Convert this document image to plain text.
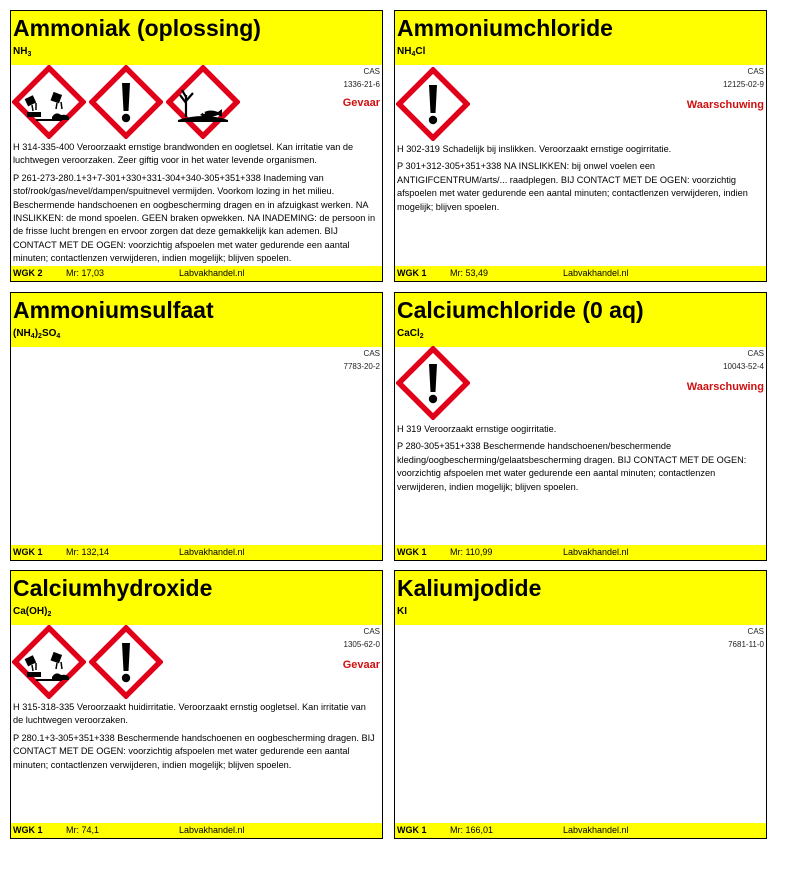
Ammoniak (oplossing)
$NH_3$
CAS
1336-21-6
Gevaar

H 314-335-400 Veroorzaakt ernstige brandwonden en oogletsel. Kan irritatie van de luchtwegen veroorzaken. Zeer giftig voor in het water levende organismen.

P 261-273-280.1+3+7-301+330+331-304+340-305+351+338 Inademing van stof/rook/gas/nevel/dampen/spuitnevel vermijden. Voorkom lozing in het milieu. Beschermende handschoenen en oogbescherming dragen en in afzuigkast werken. NA INSLIKKEN: de mond spoelen. GEEN braken opwekken. NA INADEMING: de persoon in de frisse lucht brengen en ervoor zorgen dat deze gemakkelijk kan ademen. BIJ CONTACT MET DE OGEN: voorzichtig afspoelen met water gedurende een aantal minuten; contactlenzen verwijderen, indien mogelijk; blijven spoelen.

WGK 2	Mr: 17,03	Labvakhandel.nl
Ammoniumchloride
$NH_4Cl$
CAS
12125-02-9
Waarschuwing

H 302-319 Schadelijk bij inslikken. Veroorzaakt ernstige oogirritatie.

P 301+312-305+351+338 NA INSLIKKEN: bij onwel voelen een ANTIGIFCENTRUM/arts/... raadplegen. BIJ CONTACT MET DE OGEN: voorzichtig afspoelen met water gedurende een aantal minuten; contactlenzen verwijderen, indien mogelijk; blijven spoelen.

WGK 1	Mr: 53,49	Labvakhandel.nl
Ammoniumsulfaat
$(NH_4)_2SO_4$
CAS
7783-20-2
WGK 1	Mr: 132,14	Labvakhandel.nl
Calciumchloride (0 aq)
CaCl$_2$
CAS
10043-52-4
Waarschuwing

H 319 Veroorzaakt ernstige oogirritatie.

P 280-305+351+338 Beschermende handschoenen/beschermende kleding/oogbescherming/gelaatsbescherming dragen. BIJ CONTACT MET DE OGEN: voorzichtig afspoelen met water gedurende een aantal minuten; contactlenzen verwijderen, indien mogelijk; blijven spoelen.

WGK 1	Mr: 110,99	Labvakhandel.nl
Calciumhydroxide
$Ca(OH)_2$
CAS
1305-62-0
Gevaar

H 315-318-335 Veroorzaakt huidirritatie. Veroorzaakt ernstig oogletsel. Kan irritatie van de luchtwegen veroorzaken.

P 280.1+3-305+351+338 Beschermende handschoenen en oogbescherming dragen. BIJ CONTACT MET DE OGEN: voorzichtig afspoelen met water gedurende een aantal minuten; contactlenzen verwijderen, indien mogelijk; blijven spoelen.

WGK 1	Mr: 74,1	Labvakhandel.nl
Kaliumjodide
KI
CAS
7681-11-0
WGK 1	Mr: 166,01	Labvakhandel.nl
